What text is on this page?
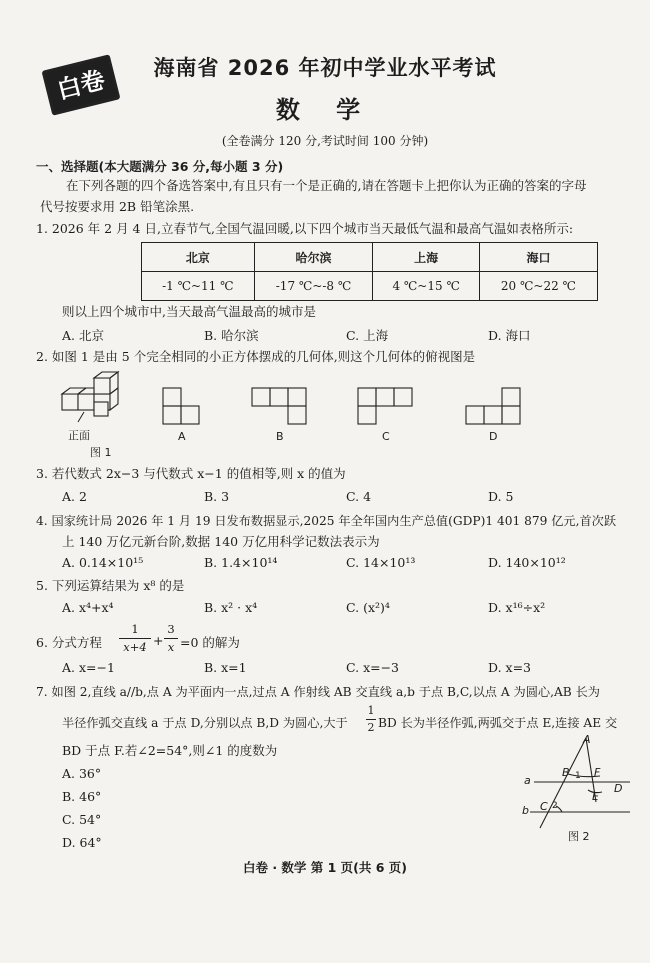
白卷	海南省 2026 年初中学业水平考试
数 学
(全卷满分 120 分,考试时间 100 分钟)
一、选择题(本大题满分 36 分,每小题 3 分)
在下列各题的四个备选答案中,有且只有一个是正确的,请在答题卡上把你认为正确的答案的字母
代号按要求用 2B 铅笔涂黑.
1. 2026 年 2 月 4 日,立春节气,全国气温回暖,以下四个城市当天最低气温和最高气温如表格所示:
北京	哈尔滨	上海	海口
-1 ℃~11 ℃	-17 ℃~-8 ℃	4 ℃~15 ℃	20 ℃~22 ℃
则以上四个城市中,当天最高气温最高的城市是
A. 北京	B. 哈尔滨	C. 上海	D. 海口
2. 如图 1 是由 5 个完全相同的小正方体摆成的几何体,则这个几何体的俯视图是
正面
图 1
A	B	C	D
3. 若代数式 2x−3 与代数式 x−1 的值相等,则 x 的值为
A. 2	B. 3	C. 4	D. 5
4. 国家统计局 2026 年 1 月 19 日发布数据显示,2025 年全年国内生产总值(GDP)1 401 879 亿元,首次跃
上 140 万亿元新台阶,数据 140 万亿用科学记数法表示为
A. 0.14×10¹⁵	B. 1.4×10¹⁴	C. 14×10¹³	D. 140×10¹²
5. 下列运算结果为 x⁸ 的是
A. x⁴+x⁴	B. x² · x⁴	C. (x²)⁴	D. x¹⁶÷x²
6. 分式方程
1
x+4 +
3
x =0 的解为
A. x=−1	B. x=1	C. x=−3	D. x=3
7. 如图 2,直线 a//b,点 A 为平面内一点,过点 A 作射线 AB 交直线 a,b 于点 B,C,以点 A 为圆心,AB 长为
半径作弧交直线 a 于点 D,分别以点 B,D 为圆心,大于
1
2 BD 长为半径作弧,两弧交于点 E,连接 AE 交
BD 于点 F.若∠2=54°,则∠1 的度数为
A. 36°
B. 46°
C. 54°
D. 64°
A
B F
D
E
C
a
b
1
2
图 2
白卷 · 数学 第 1 页(共 6 页)
